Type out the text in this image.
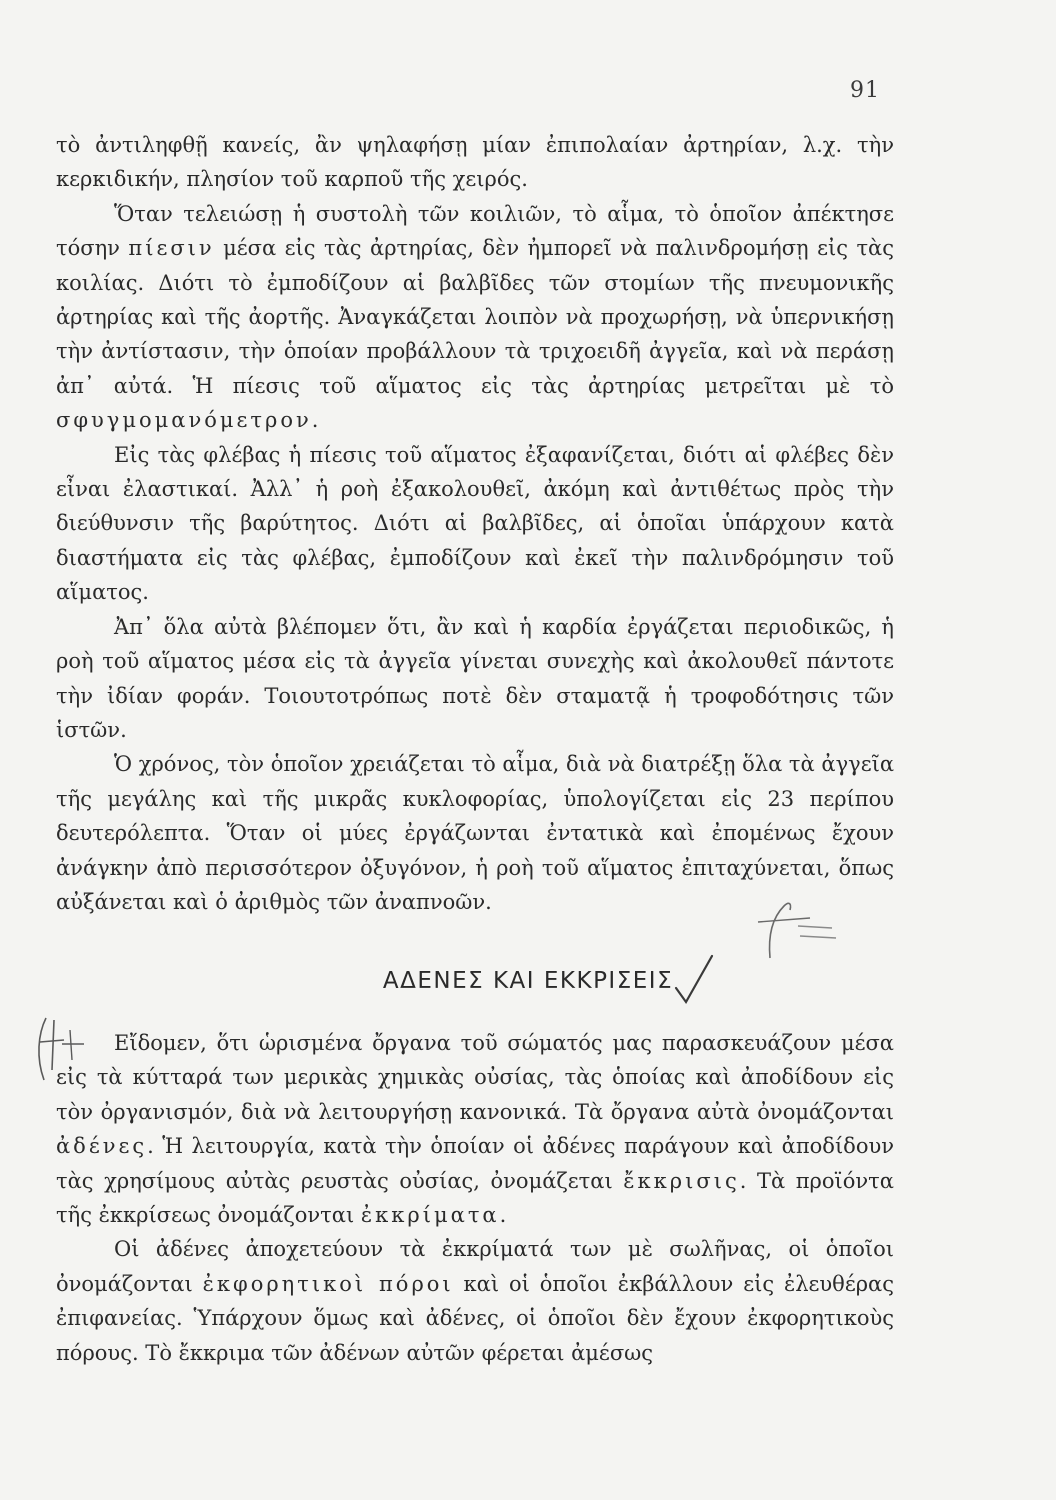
91

τὸ ἀντιληφθῇ κανείς, ἂν ψηλαφήσῃ μίαν ἐπιπολαίαν ἀρτηρίαν, λ.χ. τὴν κερκιδικήν, πλησίον τοῦ καρποῦ τῆς χειρός.

Ὅταν τελειώσῃ ἡ συστολὴ τῶν κοιλιῶν, τὸ αἷμα, τὸ ὁποῖον ἀπέκτησε τόσην πίεσιν μέσα εἰς τὰς ἀρτηρίας, δὲν ἠμπορεῖ νὰ παλινδρομήσῃ εἰς τὰς κοιλίας. Διότι τὸ ἐμποδίζουν αἱ βαλβῖδες τῶν στομίων τῆς πνευμονικῆς ἀρτηρίας καὶ τῆς ἀορτῆς. Ἀναγκάζεται λοιπὸν νὰ προχωρήσῃ, νὰ ὑπερνικήσῃ τὴν ἀντίστασιν, τὴν ὁποίαν προβάλλουν τὰ τριχοειδῆ ἀγγεῖα, καὶ νὰ περάσῃ ἀπ᾽ αὐτά. Ἡ πίεσις τοῦ αἵματος εἰς τὰς ἀρτηρίας μετρεῖται μὲ τὸ σφυγμομανόμετρον.

Εἰς τὰς φλέβας ἡ πίεσις τοῦ αἵματος ἐξαφανίζεται, διότι αἱ φλέβες δὲν εἶναι ἐλαστικαί. Ἀλλ᾽ ἡ ροὴ ἐξακολουθεῖ, ἀκόμη καὶ ἀντιθέτως πρὸς τὴν διεύθυνσιν τῆς βαρύτητος. Διότι αἱ βαλβῖδες, αἱ ὁποῖαι ὑπάρχουν κατὰ διαστήματα εἰς τὰς φλέβας, ἐμποδίζουν καὶ ἐκεῖ τὴν παλινδρόμησιν τοῦ αἵματος.

Ἀπ᾽ ὅλα αὐτὰ βλέπομεν ὅτι, ἂν καὶ ἡ καρδία ἐργάζεται περιοδικῶς, ἡ ροὴ τοῦ αἵματος μέσα εἰς τὰ ἀγγεῖα γίνεται συνεχὴς καὶ ἀκολουθεῖ πάντοτε τὴν ἰδίαν φοράν. Τοιουτοτρόπως ποτὲ δὲν σταματᾷ ἡ τροφοδότησις τῶν ἱστῶν.

Ὁ χρόνος, τὸν ὁποῖον χρειάζεται τὸ αἷμα, διὰ νὰ διατρέξῃ ὅλα τὰ ἀγγεῖα τῆς μεγάλης καὶ τῆς μικρᾶς κυκλοφορίας, ὑπολογίζεται εἰς 23 περίπου δευτερόλεπτα. Ὅταν οἱ μύες ἐργάζωνται ἐντατικὰ καὶ ἐπομένως ἔχουν ἀνάγκην ἀπὸ περισσότερον ὀξυγόνον, ἡ ροὴ τοῦ αἵματος ἐπιταχύνεται, ὅπως αὐξάνεται καὶ ὁ ἀριθμὸς τῶν ἀναπνοῶν.

ΑΔΕΝΕΣ ΚΑΙ ΕΚΚΡΙΣΕΙΣ

Εἴδομεν, ὅτι ὡρισμένα ὄργανα τοῦ σώματός μας παρασκευάζουν μέσα εἰς τὰ κύτταρά των μερικὰς χημικὰς οὐσίας, τὰς ὁποίας καὶ ἀποδίδουν εἰς τὸν ὀργανισμόν, διὰ νὰ λειτουργήσῃ κανονικά. Τὰ ὄργανα αὐτὰ ὀνομάζονται ἀδένες. Ἡ λειτουργία, κατὰ τὴν ὁποίαν οἱ ἀδένες παράγουν καὶ ἀποδίδουν τὰς χρησίμους αὐτὰς ρευστὰς οὐσίας, ὀνομάζεται ἔκκρισις. Τὰ προϊόντα τῆς ἐκκρίσεως ὀνομάζονται ἐκκρίματα.

Οἱ ἀδένες ἀποχετεύουν τὰ ἐκκρίματά των μὲ σωλῆνας, οἱ ὁποῖοι ὀνομάζονται ἐκφορητικοὶ πόροι καὶ οἱ ὁποῖοι ἐκβάλλουν εἰς ἐλευθέρας ἐπιφανείας. Ὑπάρχουν ὅμως καὶ ἀδένες, οἱ ὁποῖοι δὲν ἔχουν ἐκφορητικοὺς πόρους. Τὸ ἔκκριμα τῶν ἀδένων αὐτῶν φέρεται ἀμέσως
